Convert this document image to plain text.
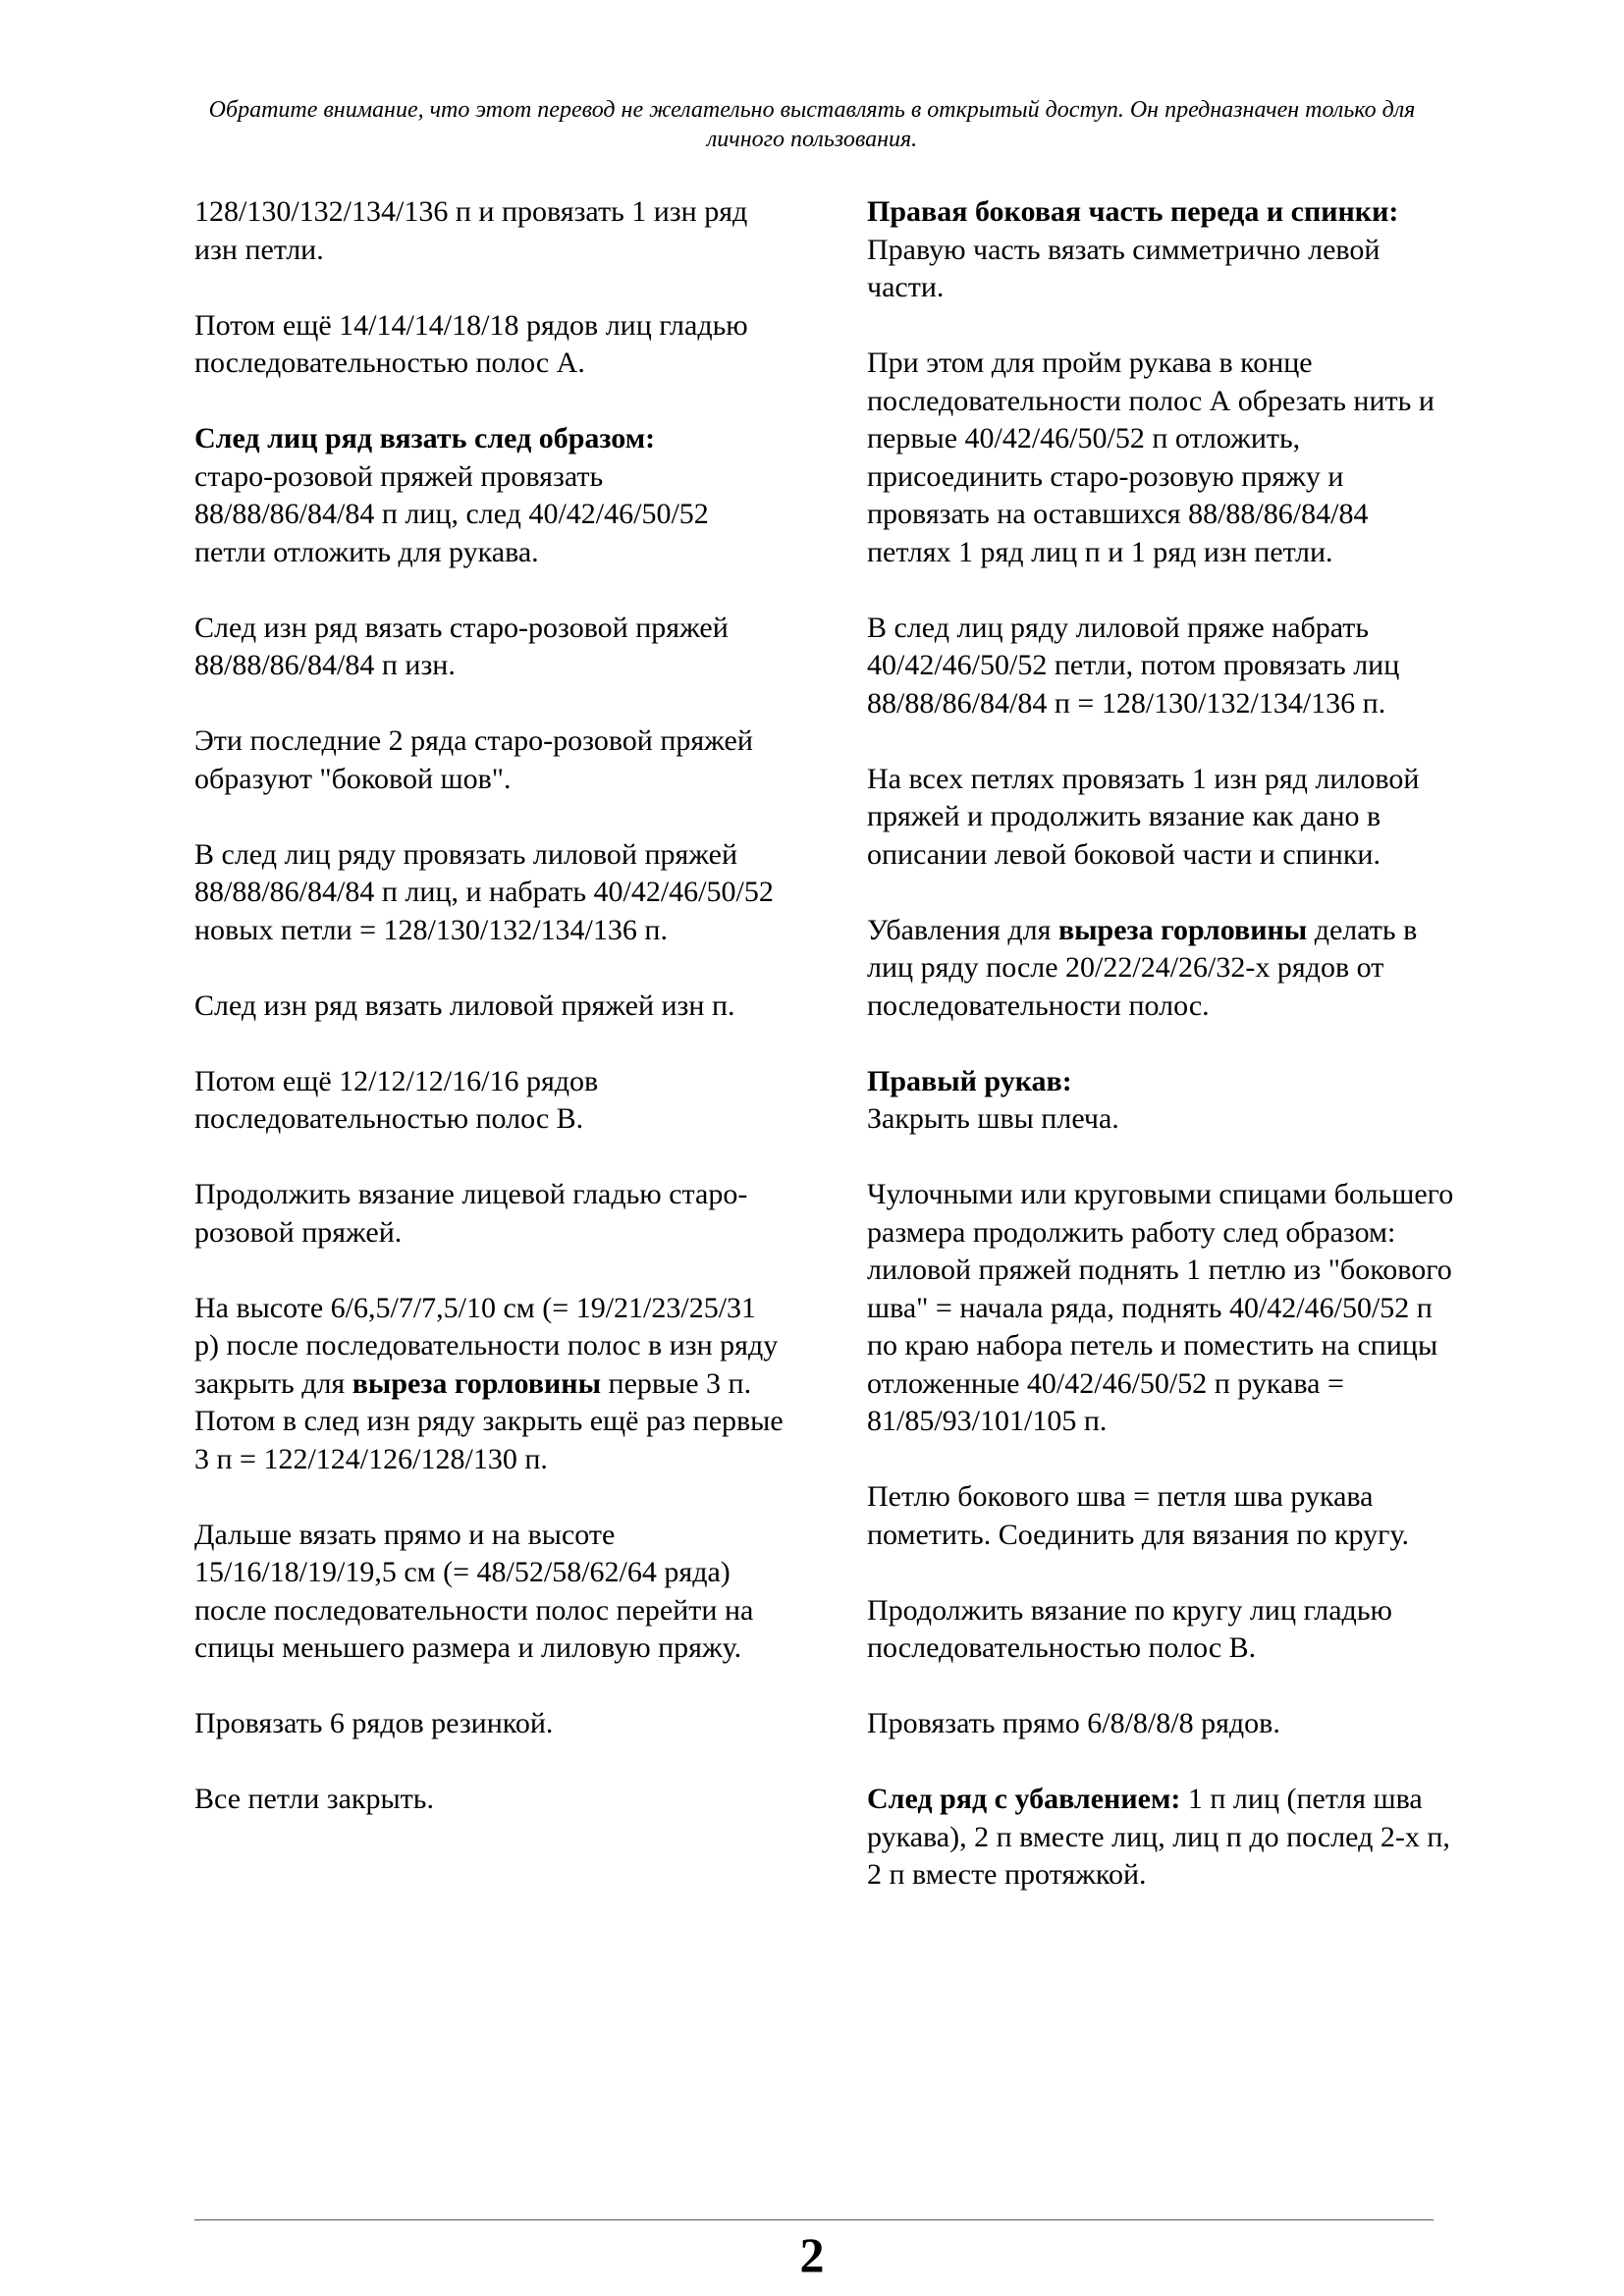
Обратите внимание, что этот перевод не желательно выставлять в открытый доступ. Он предназначен только для личного пользования.

128/130/132/134/136 п и провязать 1 изн ряд изн петли.

Потом ещё 14/14/14/18/18 рядов лиц гладью последовательностью полос А.

След лиц ряд вязать след образом:
старо-розовой пряжей провязать 88/88/86/84/84 п лиц, след 40/42/46/50/52 петли отложить для рукава.

След изн ряд вязать старо-розовой пряжей 88/88/86/84/84 п изн.

Эти последние 2 ряда старо-розовой пряжей образуют "боковой шов".

В след лиц ряду провязать лиловой пряжей 88/88/86/84/84 п лиц, и набрать 40/42/46/50/52 новых петли = 128/130/132/134/136 п.

След изн ряд вязать лиловой пряжей изн п.

Потом ещё 12/12/12/16/16 рядов последовательностью полос В.

Продолжить вязание лицевой гладью старо-розовой пряжей.

На высоте 6/6,5/7/7,5/10 см (= 19/21/23/25/31 р) после последовательности полос в изн ряду закрыть для выреза горловины первые 3 п. Потом в след изн ряду закрыть ещё раз первые 3 п = 122/124/126/128/130 п.

Дальше вязать прямо и на высоте 15/16/18/19/19,5 см (= 48/52/58/62/64 ряда) после последовательности полос перейти на спицы меньшего размера и лиловую пряжу.

Провязать 6 рядов резинкой.

Все петли закрыть.

Правая боковая часть переда и спинки:
Правую часть вязать симметрично левой части.

При этом для пройм рукава в конце последовательности полос А обрезать нить и первые 40/42/46/50/52 п отложить, присоединить старо-розовую пряжу и провязать на оставшихся 88/88/86/84/84 петлях 1 ряд лиц п и 1 ряд изн петли.

В след лиц ряду лиловой пряже набрать 40/42/46/50/52 петли, потом провязать лиц 88/88/86/84/84 п = 128/130/132/134/136 п.

На всех петлях провязать 1 изн ряд лиловой пряжей и продолжить вязание как дано в описании левой боковой части и спинки.

Убавления для выреза горловины делать в лиц ряду после 20/22/24/26/32-х рядов от последовательности полос.

Правый рукав:
Закрыть швы плеча.

Чулочными или круговыми спицами большего размера продолжить работу след образом: лиловой пряжей поднять 1 петлю из "бокового шва" = начала ряда, поднять 40/42/46/50/52 п по краю набора петель и поместить на спицы отложенные 40/42/46/50/52 п рукава = 81/85/93/101/105 п.

Петлю бокового шва = петля шва рукава пометить. Соединить для вязания по кругу.

Продолжить вязание по кругу лиц гладью последовательностью полос В.

Провязать прямо 6/8/8/8/8 рядов.

След ряд с убавлением: 1 п лиц (петля шва рукава), 2 п вместе лиц, лиц п до послед 2-х п, 2 п вместе протяжкой.

2
